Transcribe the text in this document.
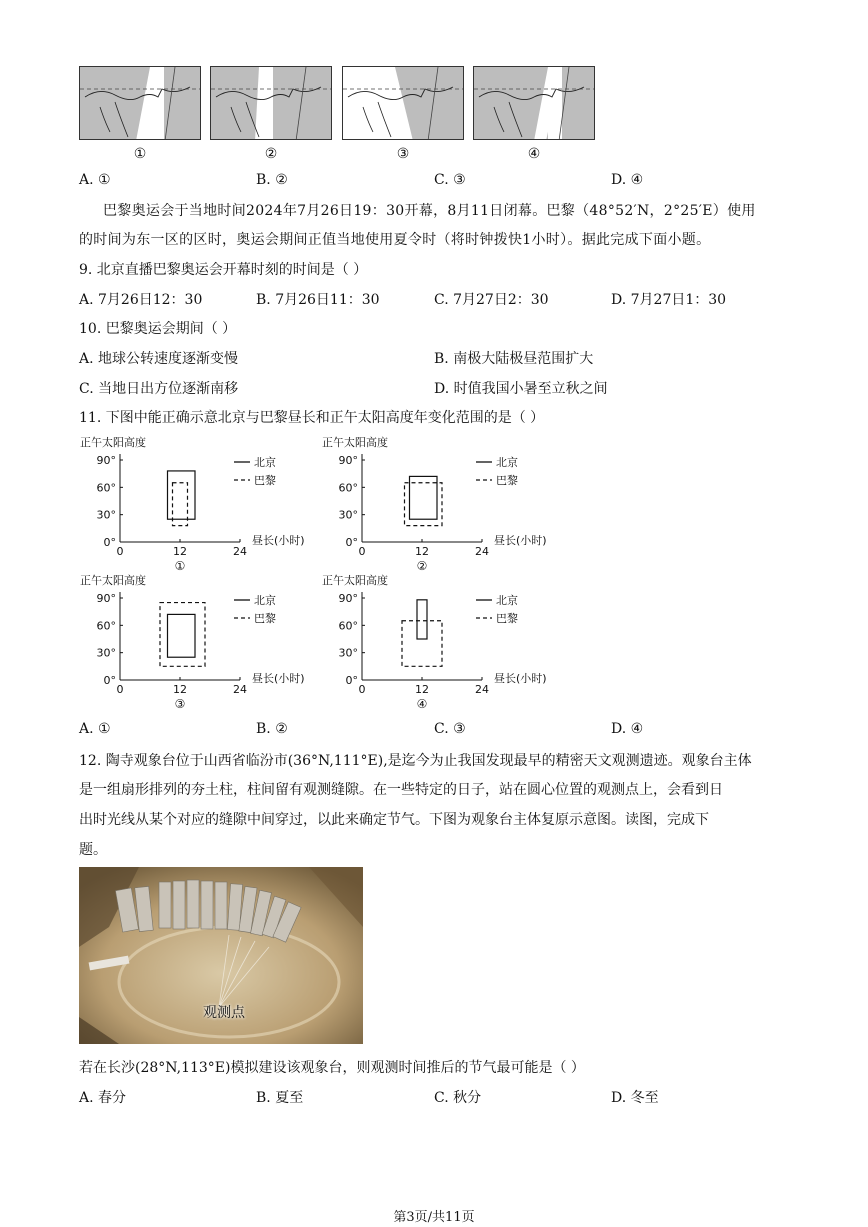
①	②	③	④
A. ①	B. ②	C. ③	D. ④
巴黎奥运会于当地时间2024年7月26日19：30开幕，8月11日闭幕。巴黎（48°52′N，2°25′E）使用
的时间为东一区的区时，奥运会期间正值当地使用夏令时（将时钟拨快1小时）。据此完成下面小题。
9. 北京直播巴黎奥运会开幕时刻的时间是（ ）
A. 7月26日12：30	B. 7月26日11：30	C. 7月27日2：30	D. 7月27日1：30
10. 巴黎奥运会期间（ ）
A. 地球公转速度逐渐变慢	B. 南极大陆极昼范围扩大
C. 当地日出方位逐渐南移	D. 时值我国小暑至立秋之间
11. 下图中能正确示意北京与巴黎昼长和正午太阳高度年变化范围的是（ ）
正午太阳高度
90°
60°
30°
0°
0	12	24
昼长(小时)
①
北京
巴黎
正午太阳高度
90°
60°
30°
0°
0	12	24
昼长(小时)
②
北京
巴黎
正午太阳高度
90°
60°
30°
0°
0	12	24
昼长(小时)
③
北京
巴黎
正午太阳高度
90°
60°
30°
0°
0	12	24
昼长(小时)
④
北京
巴黎
A. ①	B. ②	C. ③	D. ④
12. 陶寺观象台位于山西省临汾市(36°N,111°E),是迄今为止我国发现最早的精密天文观测遗迹。观象台主体
是一组扇形排列的夯土柱，柱间留有观测缝隙。在一些特定的日子，站在圆心位置的观测点上，会看到日
出时光线从某个对应的缝隙中间穿过，以此来确定节气。下图为观象台主体复原示意图。读图，完成下
题。
观测点
若在长沙(28°N,113°E)模拟建设该观象台，则观测时间推后的节气最可能是（ ）
A. 春分	B. 夏至	C. 秋分	D. 冬至
第3页/共11页
